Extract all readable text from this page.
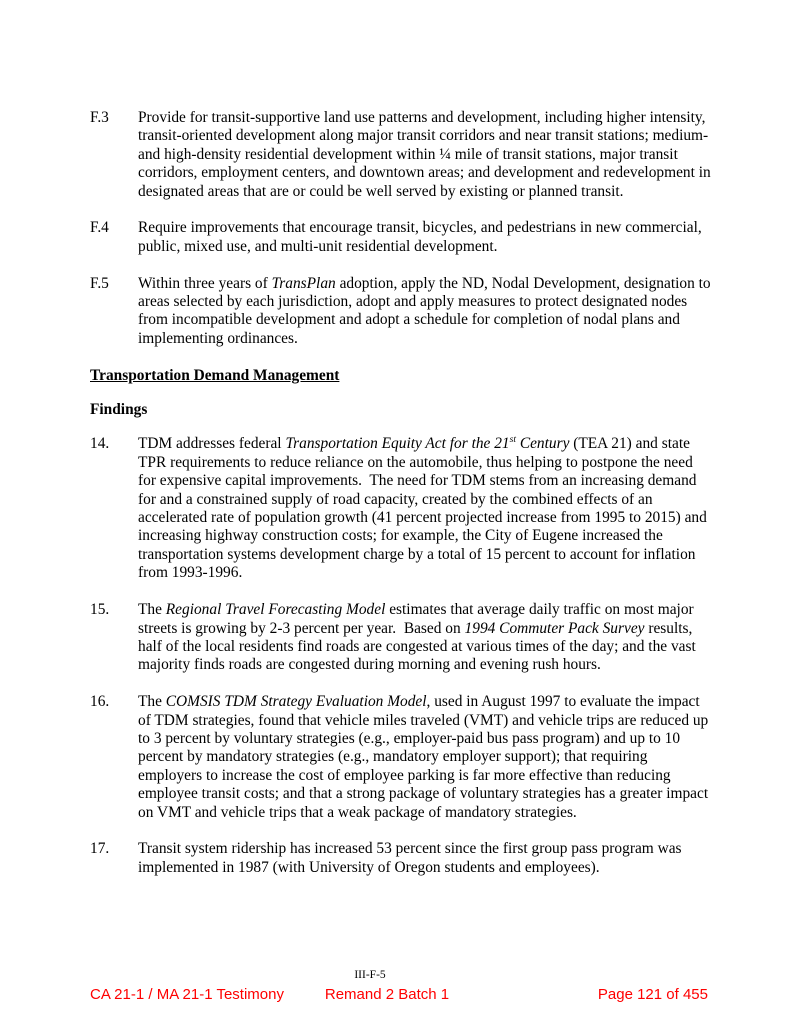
F.3 Provide for transit-supportive land use patterns and development, including higher intensity, transit-oriented development along major transit corridors and near transit stations; medium- and high-density residential development within ¼ mile of transit stations, major transit corridors, employment centers, and downtown areas; and development and redevelopment in designated areas that are or could be well served by existing or planned transit.
F.4 Require improvements that encourage transit, bicycles, and pedestrians in new commercial, public, mixed use, and multi-unit residential development.
F.5 Within three years of TransPlan adoption, apply the ND, Nodal Development, designation to areas selected by each jurisdiction, adopt and apply measures to protect designated nodes from incompatible development and adopt a schedule for completion of nodal plans and implementing ordinances.
Transportation Demand Management
Findings
14. TDM addresses federal Transportation Equity Act for the 21st Century (TEA 21) and state TPR requirements to reduce reliance on the automobile, thus helping to postpone the need for expensive capital improvements.  The need for TDM stems from an increasing demand for and a constrained supply of road capacity, created by the combined effects of an accelerated rate of population growth (41 percent projected increase from 1995 to 2015) and increasing highway construction costs; for example, the City of Eugene increased the transportation systems development charge by a total of 15 percent to account for inflation from 1993-1996.
15. The Regional Travel Forecasting Model estimates that average daily traffic on most major streets is growing by 2-3 percent per year.  Based on 1994 Commuter Pack Survey results, half of the local residents find roads are congested at various times of the day; and the vast majority finds roads are congested during morning and evening rush hours.
16. The COMSIS TDM Strategy Evaluation Model, used in August 1997 to evaluate the impact of TDM strategies, found that vehicle miles traveled (VMT) and vehicle trips are reduced up to 3 percent by voluntary strategies (e.g., employer-paid bus pass program) and up to 10 percent by mandatory strategies (e.g., mandatory employer support); that requiring employers to increase the cost of employee parking is far more effective than reducing employee transit costs; and that a strong package of voluntary strategies has a greater impact on VMT and vehicle trips that a weak package of mandatory strategies.
17. Transit system ridership has increased 53 percent since the first group pass program was implemented in 1987 (with University of Oregon students and employees).
III-F-5
CA 21-1 / MA 21-1 Testimony	Remand 2 Batch 1	Page 121 of 455
